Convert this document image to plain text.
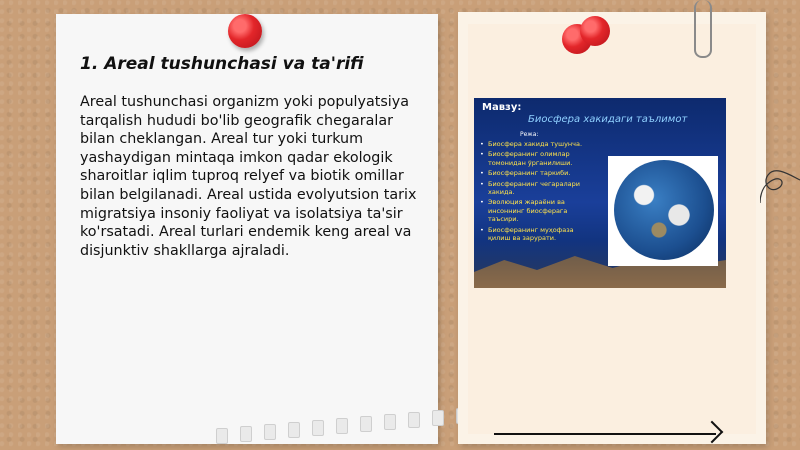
1. Areal tushunchasi va ta'rifi
Areal tushunchasi organizm yoki populyatsiya tarqalish hududi bo'lib geografik chegaralar bilan cheklangan. Areal tur yoki turkum yashaydigan mintaqa imkon qadar ekologik sharoitlar iqlim tuproq relyef va biotik omillar bilan belgilanadi. Areal ustida evolyutsion tarix migratsiya insoniy faoliyat va isolatsiya ta'sir ko'rsatadi. Areal turlari endemik keng areal va disjunktiv shakllarga ajraladi.
Мавзу:
Биосфера хакидаги таълимот
Режа:
• Биосфера хакида тушунча.
• Биосферанинг олимлар томонидан ўрганилиши.
• Биосферанинг таркиби.
• Биосферанинг чегаралари хакида.
• Эволюция жараёни ва инсоннинг биосферага таъсири.
• Биосферанинг муҳофаза қилиш ва зарурати.
